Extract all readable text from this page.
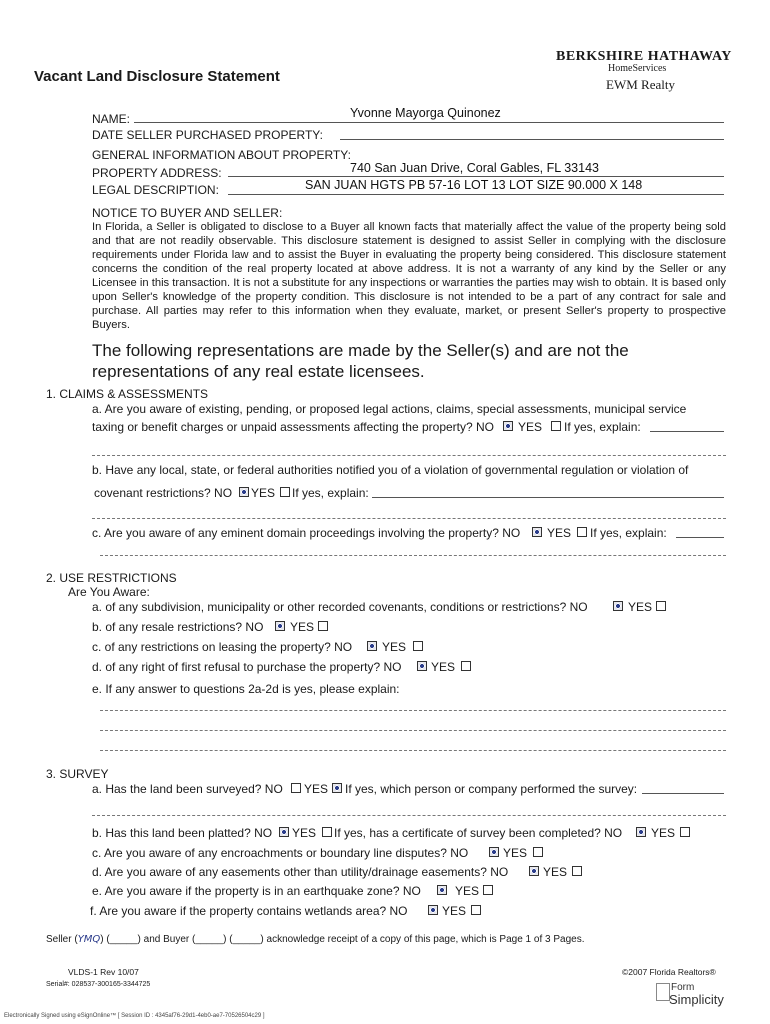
Vacant Land Disclosure Statement
BERKSHIRE HATHAWAY
HomeServices
EWM Realty
NAME:	Yvonne Mayorga Quinonez
DATE SELLER PURCHASED PROPERTY:
GENERAL INFORMATION ABOUT PROPERTY:
PROPERTY ADDRESS:	740 San Juan Drive, Coral Gables, FL 33143
LEGAL DESCRIPTION:	SAN JUAN HGTS PB 57-16 LOT 13 LOT SIZE 90.000 X 148
NOTICE TO BUYER AND SELLER:
In Florida, a Seller is obligated to disclose to a Buyer all known facts that materially affect the value of the property being sold and that are not readily observable. This disclosure statement is designed to assist Seller in complying with the disclosure requirements under Florida law and to assist the Buyer in evaluating the property being considered. This disclosure statement concerns the condition of the real property located at above address. It is not a warranty of any kind by the Seller or any Licensee in this transaction. It is not a substitute for any inspections or warranties the parties may wish to obtain. It is based only upon Seller's knowledge of the property condition. This disclosure is not intended to be a part of any contract for sale and purchase. All parties may refer to this information when they evaluate, market, or present Seller's property to prospective Buyers.
The following representations are made by the Seller(s) and are not the representations of any real estate licensees.
1. CLAIMS & ASSESSMENTS
a. Are you aware of existing, pending, or proposed legal actions, claims, special assessments, municipal service
taxing or benefit charges or unpaid assessments affecting the property? NO YES If yes, explain:
b. Have any local, state, or federal authorities notified you of a violation of governmental regulation or violation of
covenant restrictions? NO YES If yes, explain:
c. Are you aware of any eminent domain proceedings involving the property? NO YES If yes, explain:
2. USE RESTRICTIONS
Are You Aware:
a. of any subdivision, municipality or other recorded covenants, conditions or restrictions? NO	YES
b. of any resale restrictions? NO YES
c. of any restrictions on leasing the property? NO YES
d. of any right of first refusal to purchase the property? NO YES
e. If any answer to questions 2a-2d is yes, please explain:
3. SURVEY
a. Has the land been surveyed? NO YES If yes, which person or company performed the survey:
b. Has this land been platted? NO YES If yes, has a certificate of survey been completed? NO YES
c. Are you aware of any encroachments or boundary line disputes? NO	YES
d. Are you aware of any easements other than utility/drainage easements? NO	YES
e. Are you aware if the property is in an earthquake zone? NO	YES
f. Are you aware if the property contains wetlands area? NO	YES
Seller (YMQ) (_____) and Buyer (_____) (_____) acknowledge receipt of a copy of this page, which is Page 1 of 3 Pages.
VLDS-1 Rev 10/07	©2007 Florida Realtors®
Serial#: 028537-300165-3344725	Form
Simplicity
Electronically Signed using eSignOnline™ [ Session ID : 4345af76-29d1-4eb0-ae7-70526504c29 ]
